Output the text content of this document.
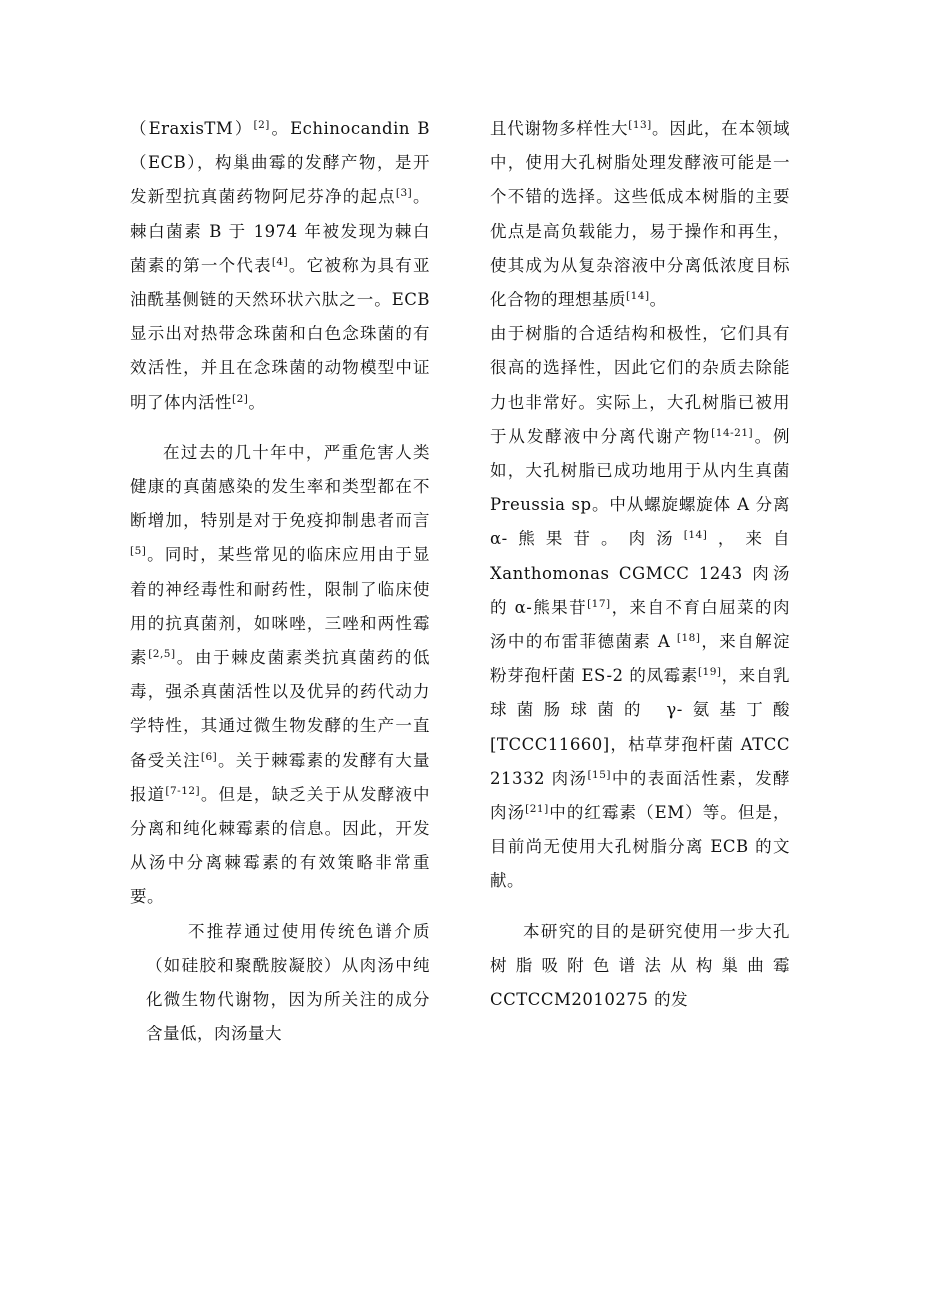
（EraxisTM）[2]。Echinocandin B（ECB），构巢曲霉的发酵产物，是开发新型抗真菌药物阿尼芬净的起点[3]。棘白菌素 B 于 1974 年被发现为棘白菌素的第一个代表[4]。它被称为具有亚油酰基侧链的天然环状六肽之一。ECB 显示出对热带念珠菌和白色念珠菌的有效活性，并且在念珠菌的动物模型中证明了体内活性[2]。

在过去的几十年中，严重危害人类健康的真菌感染的发生率和类型都在不断增加，特别是对于免疫抑制患者而言[5]。同时，某些常见的临床应用由于显着的神经毒性和耐药性，限制了临床使用的抗真菌剂，如咪唑，三唑和两性霉素[2,5]。由于棘皮菌素类抗真菌药的低毒，强杀真菌活性以及优异的药代动力学特性，其通过微生物发酵的生产一直备受关注[6]。关于棘霉素的发酵有大量报道[7-12]。但是，缺乏关于从发酵液中分离和纯化棘霉素的信息。因此，开发从汤中分离棘霉素的有效策略非常重要。

不推荐通过使用传统色谱介质（如硅胶和聚酰胺凝胶）从肉汤中纯化微生物代谢物，因为所关注的成分含量低，肉汤量大

且代谢物多样性大[13]。因此，在本领域中，使用大孔树脂处理发酵液可能是一个不错的选择。这些低成本树脂的主要优点是高负载能力，易于操作和再生，使其成为从复杂溶液中分离低浓度目标化合物的理想基质[14]。

由于树脂的合适结构和极性，它们具有很高的选择性，因此它们的杂质去除能力也非常好。实际上，大孔树脂已被用于从发酵液中分离代谢产物[14-21]。例如，大孔树脂已成功地用于从内生真菌 Preussia sp。中从螺旋螺旋体 A 分离 α-熊果苷。肉汤[14]，来自 Xanthomonas CGMCC 1243 肉汤的 α-熊果苷[17]，来自不育白屈菜的肉汤中的布雷菲德菌素 A [18]，来自解淀粉芽孢杆菌 ES-2 的凤霉素[19]，来自乳球菌肠球菌的 γ-氨基丁酸[TCCC11660]，枯草芽孢杆菌 ATCC 21332 肉汤[15]中的表面活性素，发酵肉汤[21]中的红霉素（EM）等。但是，目前尚无使用大孔树脂分离 ECB 的文献。

本研究的目的是研究使用一步大孔树脂吸附色谱法从构巢曲霉 CCTCCM2010275 的发
